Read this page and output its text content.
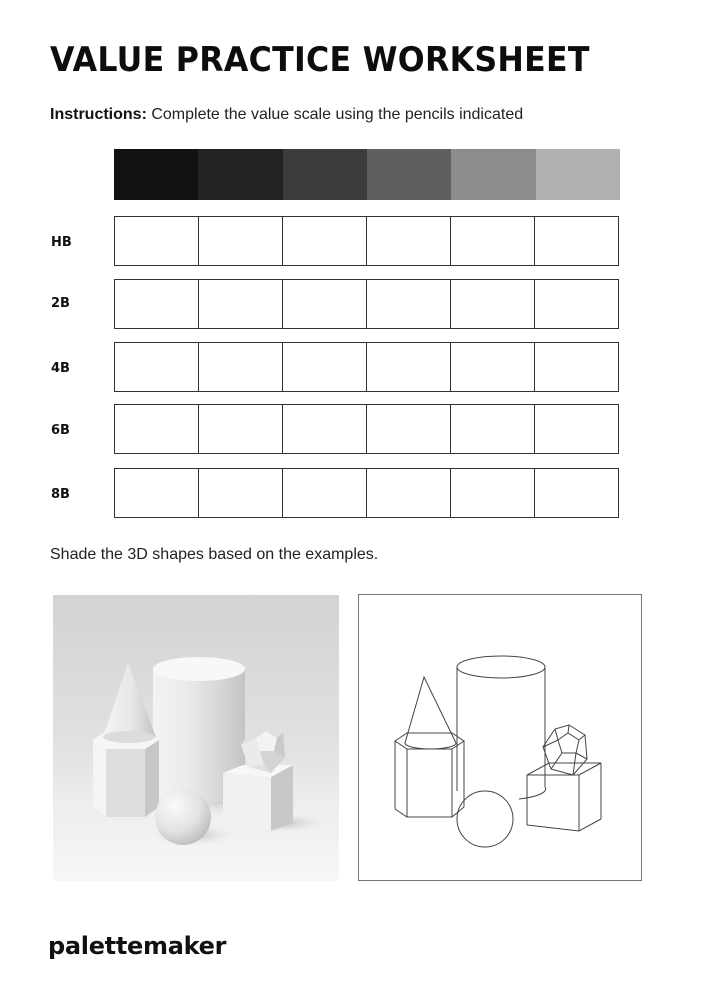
VALUE PRACTICE WORKSHEET
Instructions: Complete the value scale using the pencils indicated
HB
2B
4B
6B
8B
Shade the 3D shapes based on the examples.
palettemaker
